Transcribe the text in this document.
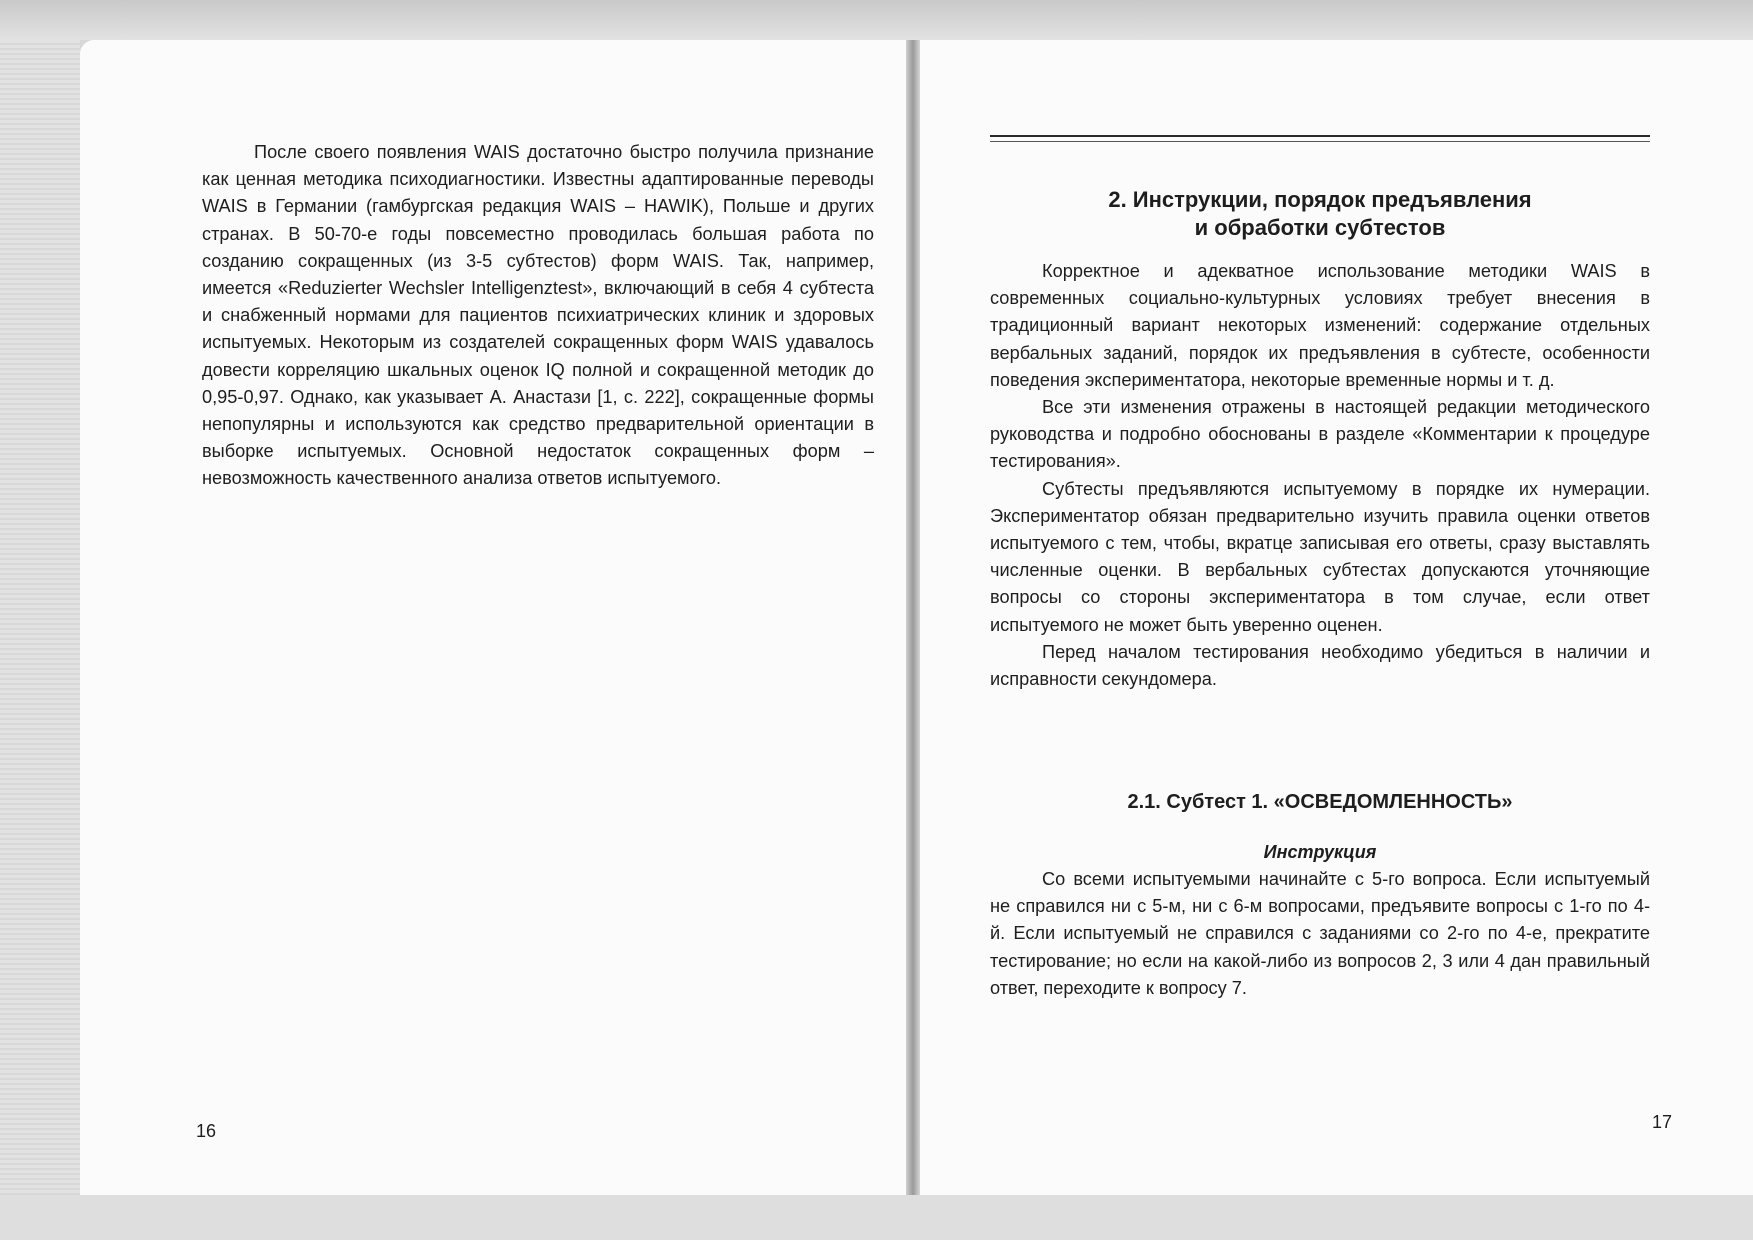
После своего появления WAIS достаточно быстро получила признание как ценная методика психодиагностики. Известны адаптированные переводы WAIS в Германии (гамбургская редакция WAIS – HAWIK), Польше и других странах. В 50-70-е годы повсеместно проводилась большая работа по созданию сокращенных (из 3-5 субтестов) форм WAIS. Так, например, имеется «Reduzierter Wechsler Intelligenztest», включающий в себя 4 субтеста и снабженный нормами для пациентов психиатрических клиник и здоровых испытуемых. Некоторым из создателей сокращенных форм WAIS удавалось довести корреляцию шкальных оценок IQ полной и сокращенной методик до 0,95-0,97. Однако, как указывает А. Анастази [1, с. 222], сокращенные формы непопулярны и используются как средство предварительной ориентации в выборке испытуемых. Основной недостаток сокращенных форм – невозможность качественного анализа ответов испытуемого.

16
2. Инструкции, порядок предъявления
и обработки субтестов

Корректное и адекватное использование методики WAIS в современных социально-культурных условиях требует внесения в традиционный вариант некоторых изменений: содержание отдельных вербальных заданий, порядок их предъявления в субтесте, особенности поведения экспериментатора, некоторые временные нормы и т. д.

Все эти изменения отражены в настоящей редакции методического руководства и подробно обоснованы в разделе «Комментарии к процедуре тестирования».

Субтесты предъявляются испытуемому в порядке их нумерации. Экспериментатор обязан предварительно изучить правила оценки ответов испытуемого с тем, чтобы, вкратце записывая его ответы, сразу выставлять численные оценки. В вербальных субтестах допускаются уточняющие вопросы со стороны экспериментатора в том случае, если ответ испытуемого не может быть уверенно оценен.

Перед началом тестирования необходимо убедиться в наличии и исправности секундомера.

2.1. Субтест 1. «ОСВЕДОМЛЕННОСТЬ»
Инструкция

Со всеми испытуемыми начинайте с 5-го вопроса. Если испытуемый не справился ни с 5-м, ни с 6-м вопросами, предъявите вопросы с 1-го по 4-й. Если испытуемый не справился с заданиями со 2-го по 4-е, прекратите тестирование; но если на какой-либо из вопросов 2, 3 или 4 дан правильный ответ, переходите к вопросу 7.

17
